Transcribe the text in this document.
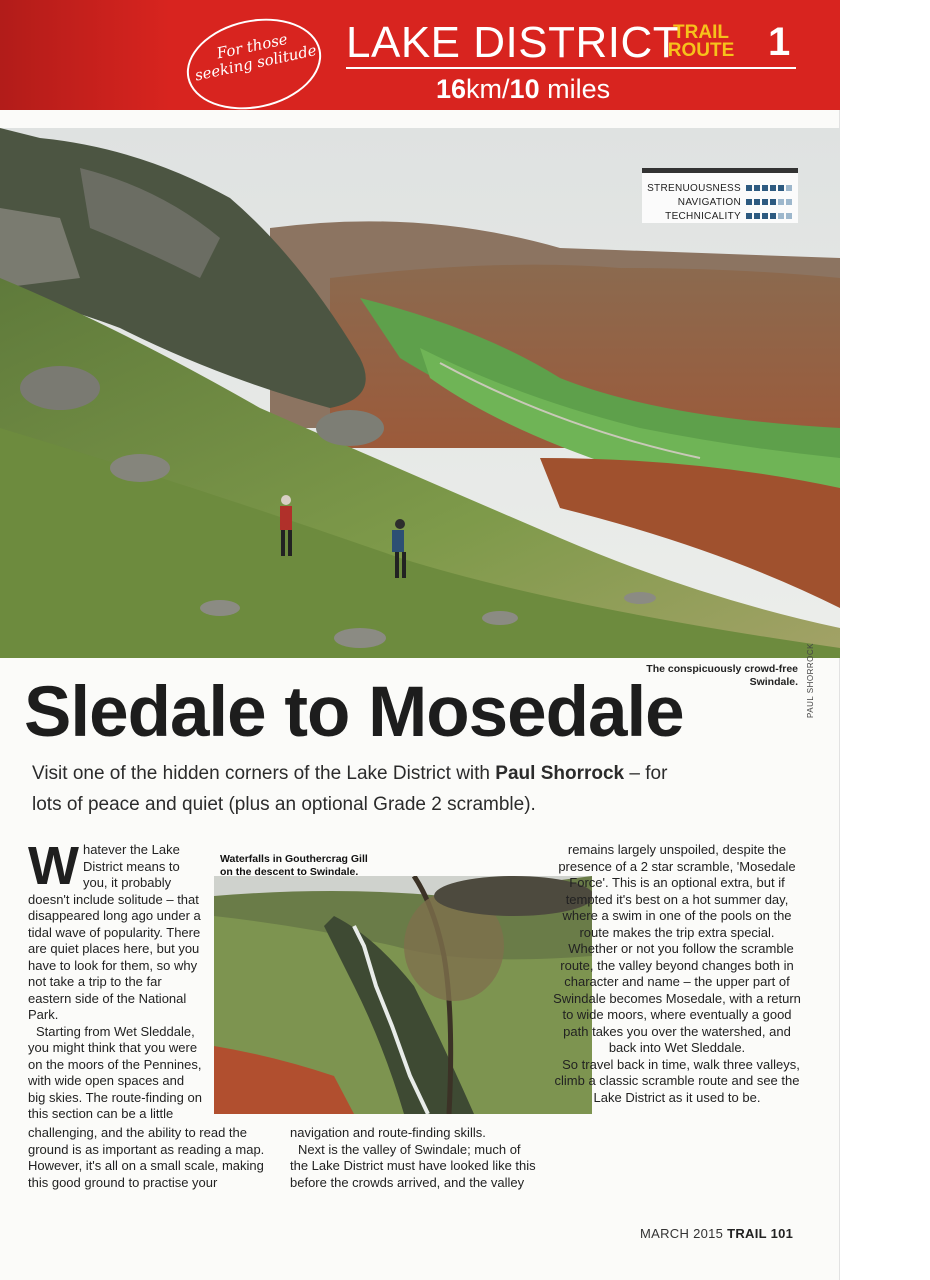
For those seeking solitude LAKE DISTRICT
TRAIL
ROUTE 1
16km/10 miles
STRENUOUSNESS
NAVIGATION
TECHNICALITY
The conspicuously crowd-free Swindale. PAUL SHORROCK
Sledale to Mosedale
Visit one of the hidden corners of the Lake District with Paul Shorrock – for lots of peace and quiet (plus an optional Grade 2 scramble).

Whatever the Lake District means to you, it probably doesn't include solitude – that disappeared long ago under a tidal wave of popularity. There are quiet places here, but you have to look for them, so why not take a trip to the far eastern side of the National Park.

Starting from Wet Sleddale, you might think that you were on the moors of the Pennines, with wide open spaces and big skies. The route-finding on this section can be a little

challenging, and the ability to read the ground is as important as reading a map. However, it's all on a small scale, making this good ground to practise your

navigation and route-finding skills.

Next is the valley of Swindale; much of the Lake District must have looked like this before the crowds arrived, and the valley

Waterfalls in Gouthercrag Gill on the descent to Swindale.

remains largely unspoiled, despite the presence of a 2 star scramble, 'Mosedale Force'. This is an optional extra, but if tempted it's best on a hot summer day, where a swim in one of the pools on the route makes the trip extra special.

Whether or not you follow the scramble route, the valley beyond changes both in character and name – the upper part of Swindale becomes Mosedale, with a return to wide moors, where eventually a good path takes you over the watershed, and back into Wet Sleddale.

So travel back in time, walk three valleys, climb a classic scramble route and see the Lake District as it used to be.

MARCH 2015 TRAIL 101
